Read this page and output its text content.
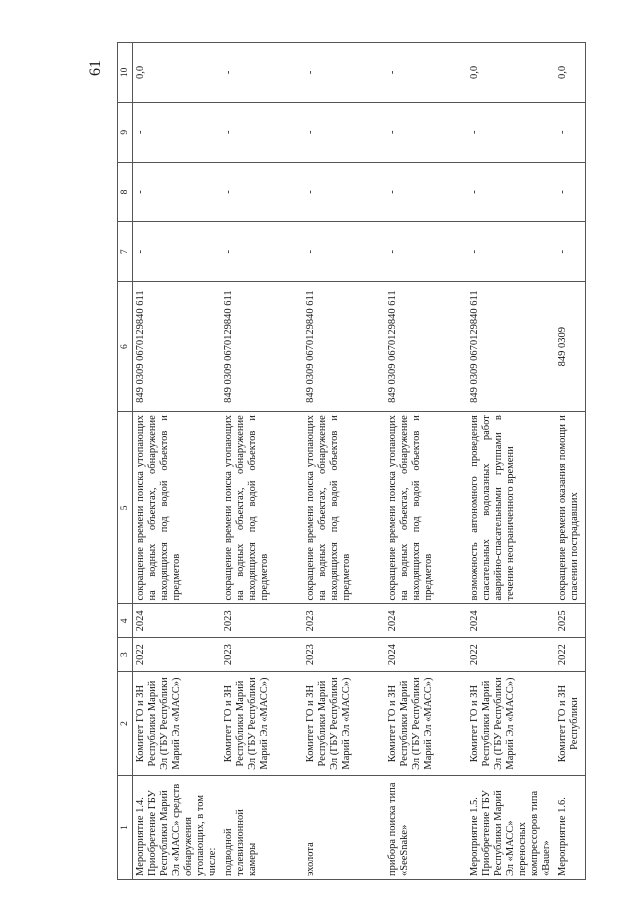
61
1	2	3	4	5	6	7	8	9	10
Мероприятие 1.4. Приобретение ГБУ Республики Марий Эл «МАСС» средств обнаружения утопающих, в том числе:	Комитет ГО и ЗН Республики Марий Эл (ГБУ Республики Марий Эл «МАСС»)	2022	2024	сокращение времени поиска утопающих на водных объектах, обнаружение находящихся под водой объектов и предметов	849 0309 0670129840 611	-	-	-	0,0
подводной телевизионной камеры	Комитет ГО и ЗН Республики Марий Эл (ГБУ Республики Марий Эл «МАСС»)	2023	2023	сокращение времени поиска утопающих на водных объектах, обнаружение находящихся под водой объектов и предметов	849 0309 0670129840 611	-	-	-	-
эхолота	Комитет ГО и ЗН Республики Марий Эл (ГБУ Республики Марий Эл «МАСС»)	2023	2023	сокращение времени поиска утопающих на водных объектах, обнаружение находящихся под водой объектов и предметов	849 0309 0670129840 611	-	-	-	-
прибора поиска типа «SeeSnake»	Комитет ГО и ЗН Республики Марий Эл (ГБУ Республики Марий Эл «МАСС»)	2024	2024	сокращение времени поиска утопающих на водных объектах, обнаружение находящихся под водой объектов и предметов	849 0309 0670129840 611	-	-	-	-
Мероприятие 1.5. Приобретение ГБУ Республики Марий Эл «МАСС» переносных компрессоров типа «Bauer»	Комитет ГО и ЗН Республики Марий Эл (ГБУ Республики Марий Эл «МАСС»)	2022	2024	возможность автономного проведения спасательных водолазных работ аварийно-спасательными группами в течение неограниченного времени	849 0309 0670129840 611	-	-	-	0,0
Мероприятие 1.6.	Комитет ГО и ЗН Республики	2022	2025	сокращение времени оказания помощи и спасении пострадавших	849 0309	-	-	-	0,0
